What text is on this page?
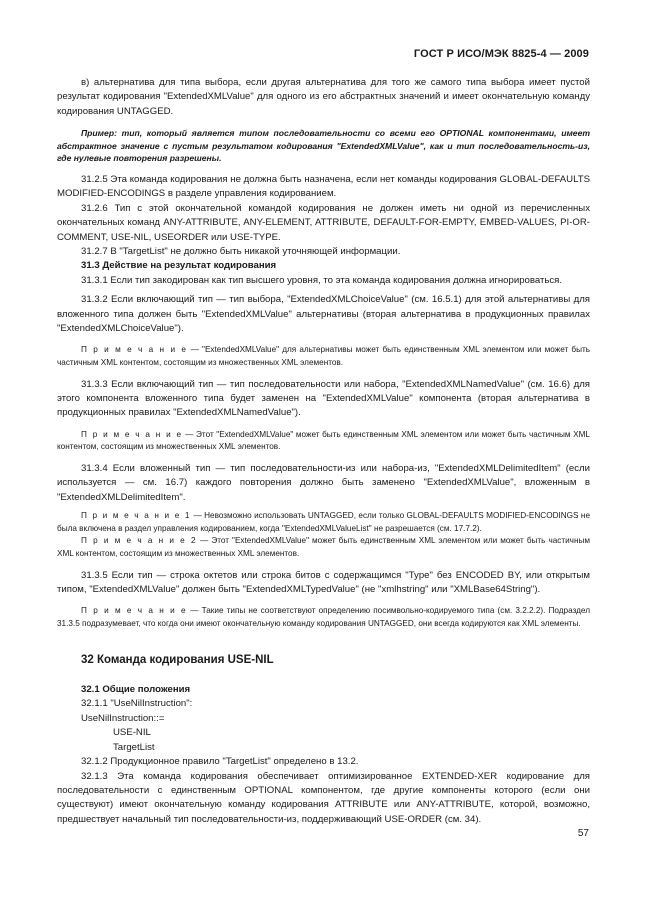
ГОСТ Р ИСО/МЭК 8825-4 — 2009

в) альтернатива для типа выбора, если другая альтернатива для того же самого типа выбора имеет пустой результат кодирования "ExtendedXMLValue" для одного из его абстрактных значений и имеет окончательную команду кодирования UNTAGGED.

Пример: тип, который является типом последовательности со всеми его OPTIONAL компонентами, имеет абстрактное значение с пустым результатом кодирования "ExtendedXMLValue", как и тип последовательность-из, где нулевые повторения разрешены.

31.2.5 Эта команда кодирования не должна быть назначена, если нет команды кодирования GLOBAL-DEFAULTS MODIFIED-ENCODINGS в разделе управления кодированием.

31.2.6 Тип с этой окончательной командой кодирования не должен иметь ни одной из перечисленных окончательных команд ANY-ATTRIBUTE, ANY-ELEMENT, ATTRIBUTE, DEFAULT-FOR-EMPTY, EMBED-VALUES, PI-OR-COMMENT, USE-NIL, USEORDER или USE-TYPE.

31.2.7 В "TargetList" не должно быть никакой уточняющей информации.

31.3 Действие на результат кодирования

31.3.1 Если тип закодирован как тип высшего уровня, то эта команда кодирования должна игнорироваться.

31.3.2 Если включающий тип — тип выбора, "ExtendedXMLChoiceValue" (см. 16.5.1) для этой альтернативы для вложенного типа должен быть "ExtendedXMLValue" альтернативы (вторая альтернатива в продукционных правилах "ExtendedXMLChoiceValue").

П р и м е ч а н и е — "ExtendedXMLValue" для альтернативы может быть единственным XML элементом или может быть частичным XML контентом, состоящим из множественных XML элементов.

31.3.3 Если включающий тип — тип последовательности или набора, "ExtendedXMLNamedValue" (см. 16.6) для этого компонента вложенного типа будет заменен на "ExtendedXMLValue" компонента (вторая альтернатива в продукционных правилах "ExtendedXMLNamedValue").

П р и м е ч а н и е — Этот "ExtendedXMLValue" может быть единственным XML элементом или может быть частичным XML контентом, состоящим из множественных XML элементов.

31.3.4 Если вложенный тип — тип последовательности-из или набора-из, "ExtendedXMLDelimitedItem" (если используется — см. 16.7) каждого повторения должно быть заменено "ExtendedXMLValue", вложенным в "ExtendedXMLDelimitedItem".

П р и м е ч а н и е 1 — Невозможно использовать UNTAGGED, если только GLOBAL-DEFAULTS MODIFIED-ENCODINGS не была включена в раздел управления кодированием, когда "ExtendedXMLValueList" не разрешается (см. 17.7.2).

П р и м е ч а н и е 2 — Этот "ExtendedXMLValue" может быть единственным XML элементом или может быть частичным XML контентом, состоящим из множественных XML элементов.

31.3.5 Если тип — строка октетов или строка битов с содержащимся "Type" без ENCODED BY, или открытым типом, "ExtendedXMLValue" должен быть "ExtendedXMLTypedValue" (не "xmlhstring" или "XMLBase64String").

П р и м е ч а н и е — Такие типы не соответствуют определению посимвольно-кодируемого типа (см. 3.2.2.2). Подраздел 31.3.5 подразумевает, что когда они имеют окончательную команду кодирования UNTAGGED, они всегда кодируются как XML элементы.

32 Команда кодирования USE-NIL

32.1 Общие положения

32.1.1 "UseNilInstruction":

UseNilInstruction::=

USE-NIL

TargetList

32.1.2 Продукционное правило "TargetList" определено в 13.2.

32.1.3 Эта команда кодирования обеспечивает оптимизированное EXTENDED-XER кодирование для последовательности с единственным OPTIONAL компонентом, где другие компоненты которого (если они существуют) имеют окончательную команду кодирования ATTRIBUTE или ANY-ATTRIBUTE, которой, возможно, предшествует начальный тип последовательности-из, поддерживающий USE-ORDER (см. 34).

57
